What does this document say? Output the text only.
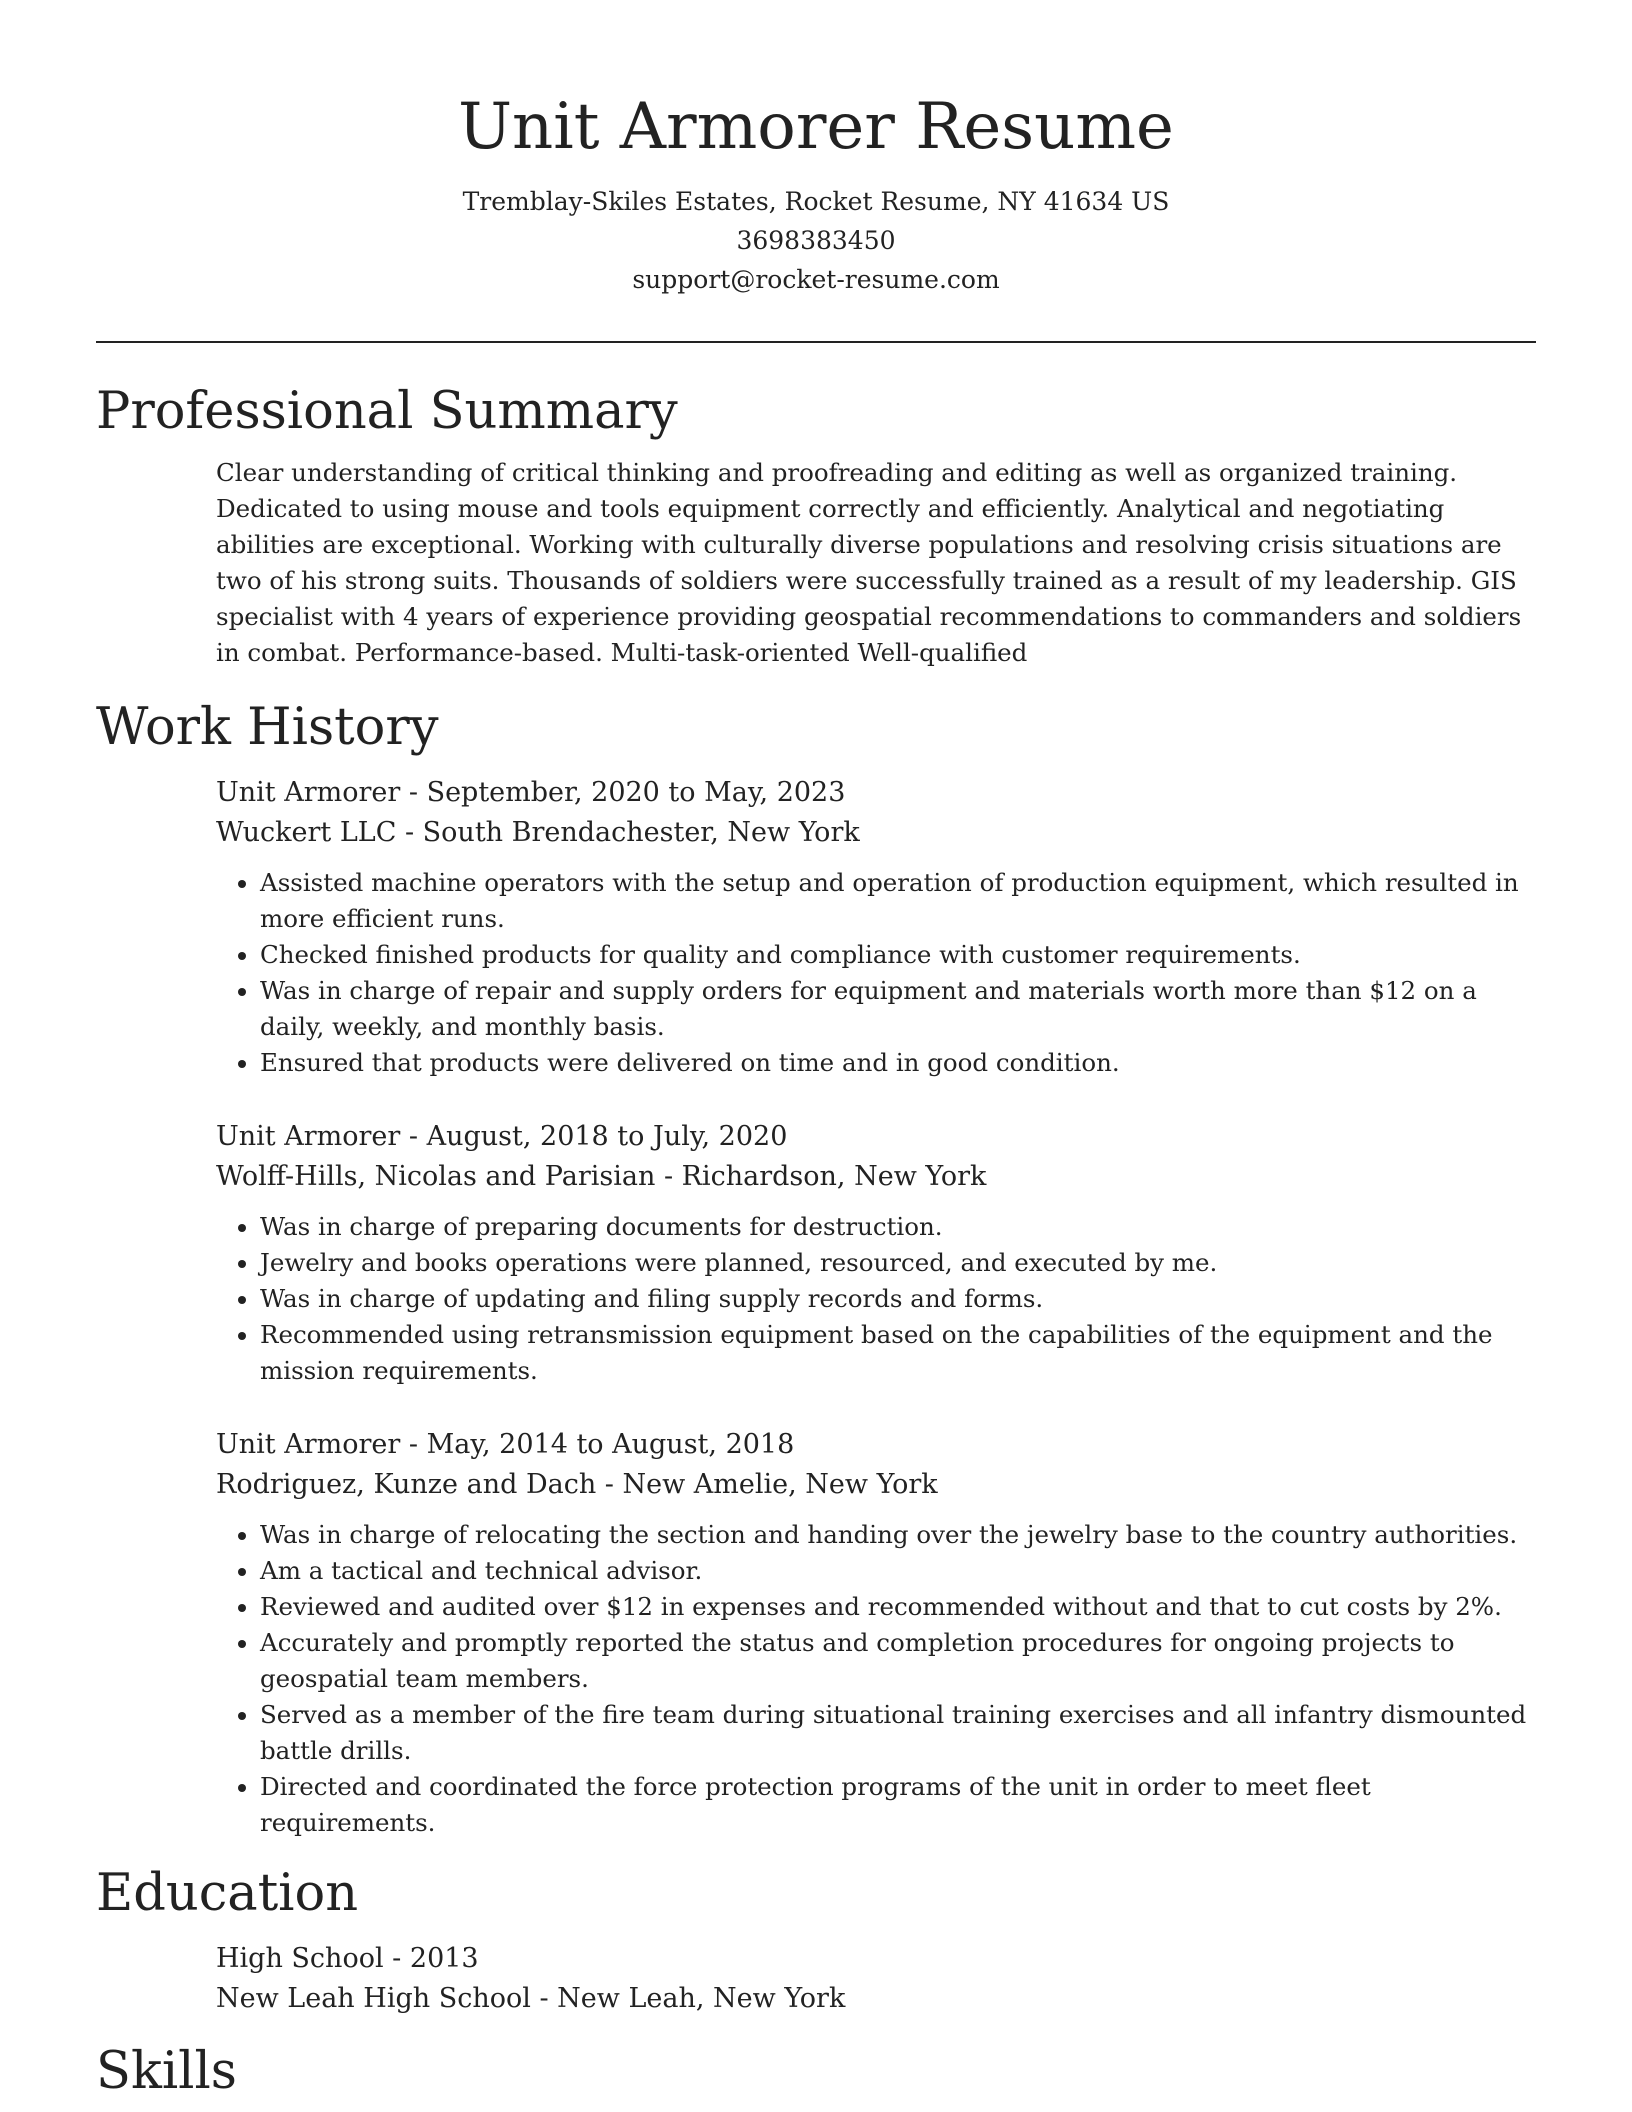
Unit Armorer Resume
Tremblay-Skiles Estates, Rocket Resume, NY 41634 US
3698383450
support@rocket-resume.com
Professional Summary

Clear understanding of critical thinking and proofreading and editing as well as organized training. Dedicated to using mouse and tools equipment correctly and efficiently. Analytical and negotiating abilities are exceptional. Working with culturally diverse populations and resolving crisis situations are two of his strong suits. Thousands of soldiers were successfully trained as a result of my leadership. GIS specialist with 4 years of experience providing geospatial recommendations to commanders and soldiers in combat. Performance-based. Multi-task-oriented Well-qualified

Work History
Unit Armorer - September, 2020 to May, 2023
Wuckert LLC - South Brendachester, New York
• Assisted machine operators with the setup and operation of production equipment, which resulted in more efficient runs.
• Checked finished products for quality and compliance with customer requirements.
• Was in charge of repair and supply orders for equipment and materials worth more than $12 on a daily, weekly, and monthly basis.
• Ensured that products were delivered on time and in good condition.
Unit Armorer - August, 2018 to July, 2020
Wolff-Hills, Nicolas and Parisian - Richardson, New York
• Was in charge of preparing documents for destruction.
• Jewelry and books operations were planned, resourced, and executed by me.
• Was in charge of updating and filing supply records and forms.
• Recommended using retransmission equipment based on the capabilities of the equipment and the mission requirements.
Unit Armorer - May, 2014 to August, 2018
Rodriguez, Kunze and Dach - New Amelie, New York
• Was in charge of relocating the section and handing over the jewelry base to the country authorities.
• Am a tactical and technical advisor.
• Reviewed and audited over $12 in expenses and recommended without and that to cut costs by 2%.
• Accurately and promptly reported the status and completion procedures for ongoing projects to geospatial team members.
• Served as a member of the fire team during situational training exercises and all infantry dismounted battle drills.
• Directed and coordinated the force protection programs of the unit in order to meet fleet requirements.
Education
High School - 2013
New Leah High School - New Leah, New York
Skills
